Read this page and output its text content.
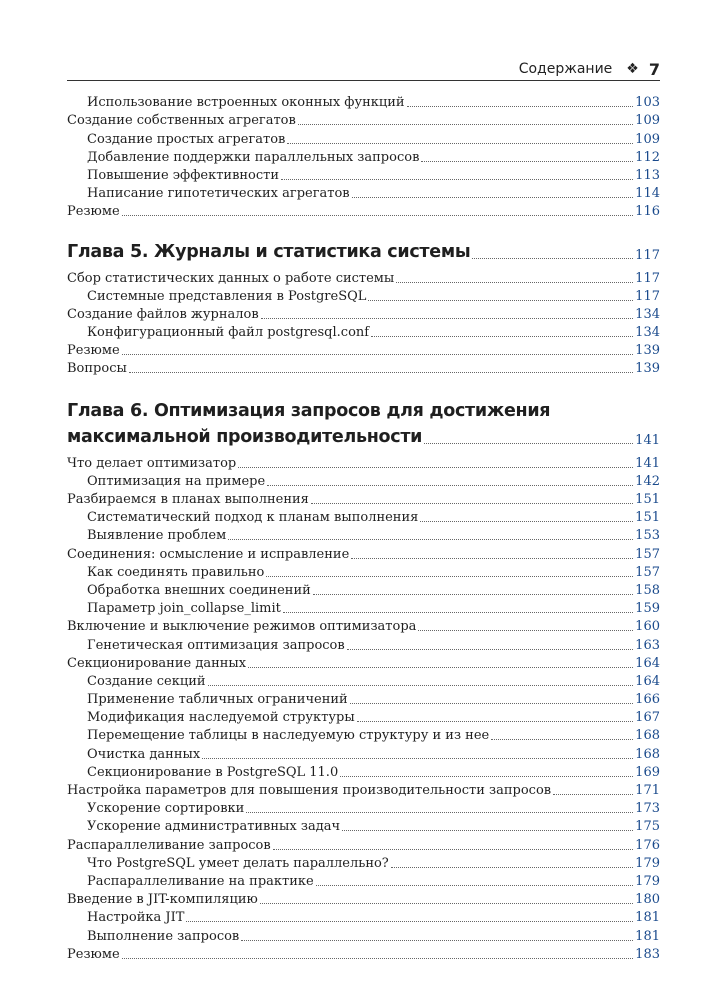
Содержание ❖ 7
Использование встроенных оконных функций	103
Создание собственных агрегатов	109
Создание простых агрегатов	109
Добавление поддержки параллельных запросов	112
Повышение эффективности	113
Написание гипотетических агрегатов	114
Резюме	116
Глава 5. Журналы и статистика системы	117
Сбор статистических данных о работе системы	117
Системные представления в PostgreSQL	117
Создание файлов журналов	134
Конфигурационный файл postgresql.conf	134
Резюме	139
Вопросы	139
Глава 6. Оптимизация запросов для достижения
максимальной производительности	141
Что делает оптимизатор	141
Оптимизация на примере	142
Разбираемся в планах выполнения	151
Систематический подход к планам выполнения	151
Выявление проблем	153
Соединения: осмысление и исправление	157
Как соединять правильно	157
Обработка внешних соединений	158
Параметр join_collapse_limit	159
Включение и выключение режимов оптимизатора	160
Генетическая оптимизация запросов	163
Секционирование данных	164
Создание секций	164
Применение табличных ограничений	166
Модификация наследуемой структуры	167
Перемещение таблицы в наследуемую структуру и из нее	168
Очистка данных	168
Секционирование в PostgreSQL 11.0	169
Настройка параметров для повышения производительности запросов	171
Ускорение сортировки	173
Ускорение административных задач	175
Распараллеливание запросов	176
Что PostgreSQL умеет делать параллельно?	179
Распараллеливание на практике	179
Введение в JIT-компиляцию	180
Настройка JIT	181
Выполнение запросов	181
Резюме	183
